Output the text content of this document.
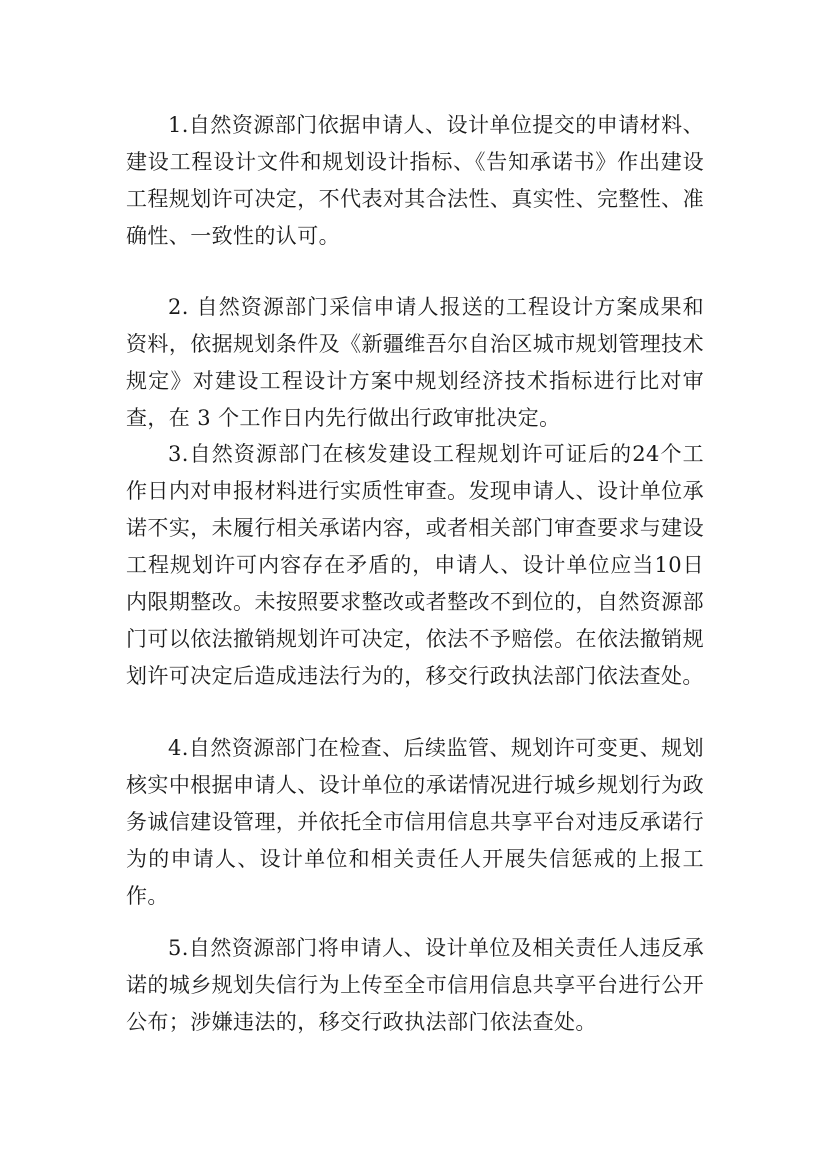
1.自然资源部门依据申请人、设计单位提交的申请材料、建设工程设计文件和规划设计指标、《告知承诺书》作出建设工程规划许可决定，不代表对其合法性、真实性、完整性、准确性、一致性的认可。

2. 自然资源部门采信申请人报送的工程设计方案成果和资料，依据规划条件及《新疆维吾尔自治区城市规划管理技术规定》对建设工程设计方案中规划经济技术指标进行比对审查，在 3 个工作日内先行做出行政审批决定。

3.自然资源部门在核发建设工程规划许可证后的24个工作日内对申报材料进行实质性审查。发现申请人、设计单位承诺不实，未履行相关承诺内容，或者相关部门审查要求与建设工程规划许可内容存在矛盾的，申请人、设计单位应当10日内限期整改。未按照要求整改或者整改不到位的，自然资源部门可以依法撤销规划许可决定，依法不予赔偿。在依法撤销规划许可决定后造成违法行为的，移交行政执法部门依法查处。

4.自然资源部门在检查、后续监管、规划许可变更、规划核实中根据申请人、设计单位的承诺情况进行城乡规划行为政务诚信建设管理，并依托全市信用信息共享平台对违反承诺行为的申请人、设计单位和相关责任人开展失信惩戒的上报工作。

5.自然资源部门将申请人、设计单位及相关责任人违反承诺的城乡规划失信行为上传至全市信用信息共享平台进行公开公布；涉嫌违法的，移交行政执法部门依法查处。
